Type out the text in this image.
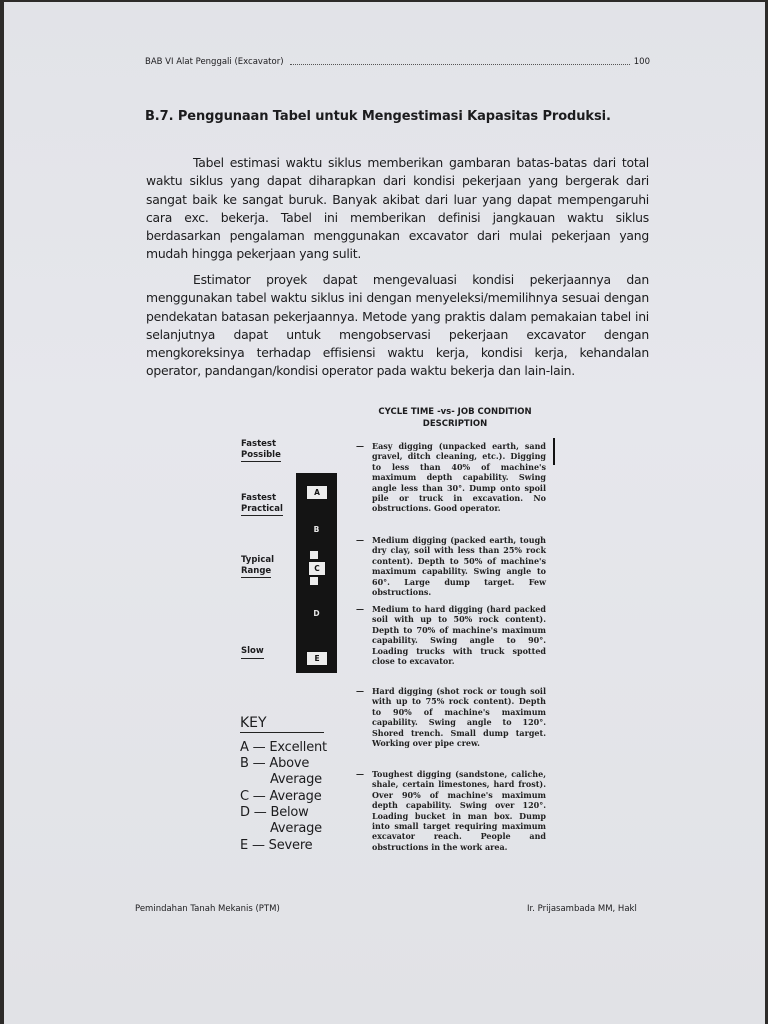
BAB VI Alat Penggali (Excavator)	100
B.7. Penggunaan Tabel untuk Mengestimasi Kapasitas Produksi.

Tabel estimasi waktu siklus memberikan gambaran batas-batas dari total waktu siklus yang dapat diharapkan dari kondisi pekerjaan yang bergerak dari sangat baik ke sangat buruk. Banyak akibat dari luar yang dapat mempengaruhi cara exc. bekerja. Tabel ini memberikan definisi jangkauan waktu siklus berdasarkan pengalaman menggunakan excavator dari mulai pekerjaan yang mudah hingga pekerjaan yang sulit.

Estimator proyek dapat mengevaluasi kondisi pekerjaannya dan menggunakan tabel waktu siklus ini dengan menyeleksi/memilihnya sesuai dengan pendekatan batasan pekerjaannya. Metode yang praktis dalam pemakaian tabel ini selanjutnya dapat untuk mengobservasi pekerjaan excavator dengan mengkoreksinya terhadap effisiensi waktu kerja, kondisi kerja, kehandalan operator, pandangan/kondisi operator pada waktu bekerja dan lain-lain.

CYCLE TIME -vs- JOB CONDITION
DESCRIPTION
Fastest
Possible
Fastest
Practical
Typical
Range
Slow
A
B
C
D
E
KEY
A — Excellent
B — Above
Average
C — Average
D — Below
Average
E — Severe
— Easy digging (unpacked earth, sand gravel, ditch cleaning, etc.). Digging to less than 40% of machine's maximum depth capability. Swing angle less than 30°. Dump onto spoil pile or truck in excavation. No obstructions. Good operator.
— Medium digging (packed earth, tough dry clay, soil with less than 25% rock content). Depth to 50% of machine's maximum capability. Swing angle to 60°. Large dump target. Few obstructions.
— Medium to hard digging (hard packed soil with up to 50% rock content). Depth to 70% of machine's maximum capability. Swing angle to 90°. Loading trucks with truck spotted close to excavator.
— Hard digging (shot rock or tough soil with up to 75% rock content). Depth to 90% of machine's maximum capability. Swing angle to 120°. Shored trench. Small dump target. Working over pipe crew.
— Toughest digging (sandstone, caliche, shale, certain limestones, hard frost). Over 90% of machine's maximum depth capability. Swing over 120°. Loading bucket in man box. Dump into small target requiring maximum excavator reach. People and obstructions in the work area.
Pemindahan Tanah Mekanis (PTM)	Ir. Prijasambada MM, Hakl
